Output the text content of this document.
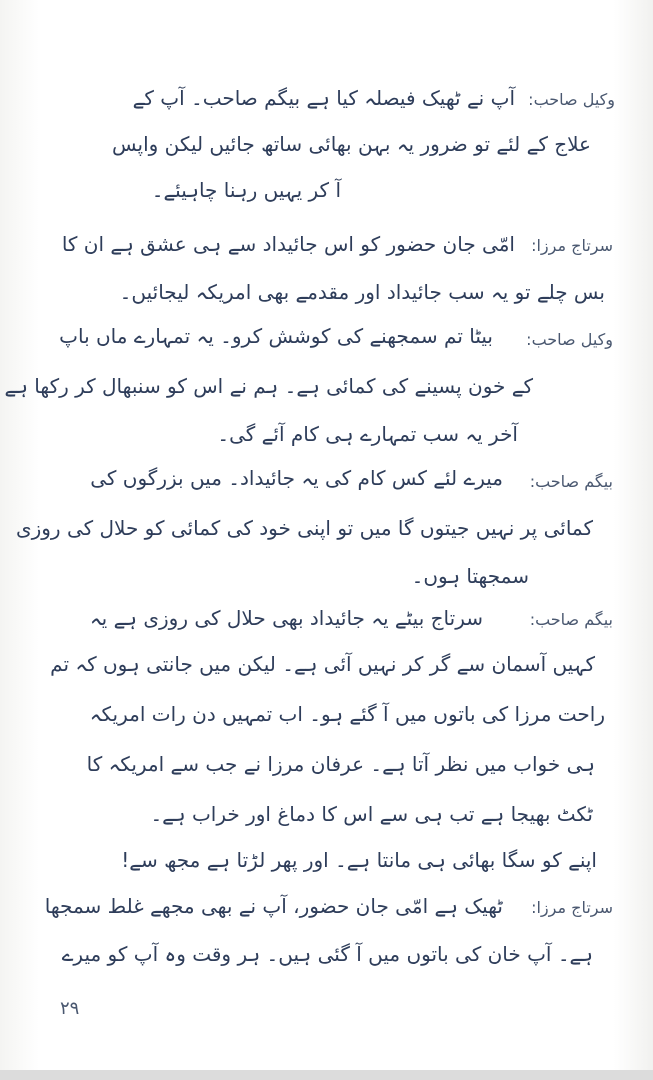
وکیل صاحب:
آپ نے ٹھیک فیصلہ کیا ہے بیگم صاحب۔ آپ کے
علاج کے لئے تو ضرور یہ بہن بھائی ساتھ جائیں لیکن واپس
آ کر یہیں رہنا چاہیئے۔
سرتاج مرزا:
امّی جان حضور کو اس جائیداد سے ہی عشق ہے ان کا
بس چلے تو یہ سب جائیداد اور مقدمے بھی امریکہ لیجائیں۔
وکیل صاحب:
بیٹا تم سمجھنے کی کوشش کرو۔ یہ تمہارے ماں باپ
کے خون پسینے کی کمائی ہے۔ ہم نے اس کو سنبھال کر رکھا ہے
آخر یہ سب تمہارے ہی کام آئے گی۔
بیگم صاحب:
میرے لئے کس کام کی یہ جائیداد۔ میں بزرگوں کی
کمائی پر نہیں جیتوں گا میں تو اپنی خود کی کمائی کو حلال کی روزی
سمجھتا ہوں۔
بیگم صاحب:
سرتاج بیٹے یہ جائیداد بھی حلال کی روزی ہے یہ
کہیں آسمان سے گر کر نہیں آئی ہے۔ لیکن میں جانتی ہوں کہ تم
راحت مرزا کی باتوں میں آ گئے ہو۔ اب تمہیں دن رات امریکہ
ہی خواب میں نظر آتا ہے۔ عرفان مرزا نے جب سے امریکہ کا
ٹکٹ بھیجا ہے تب ہی سے اس کا دماغ اور خراب ہے۔
اپنے کو سگا بھائی ہی مانتا ہے۔ اور پھر لڑتا ہے مجھ سے!
سرتاج مرزا:
ٹھیک ہے امّی جان حضور، آپ نے بھی مجھے غلط سمجھا
ہے۔ آپ خان کی باتوں میں آ گئی ہیں۔ ہر وقت وہ آپ کو میرے
۲۹
